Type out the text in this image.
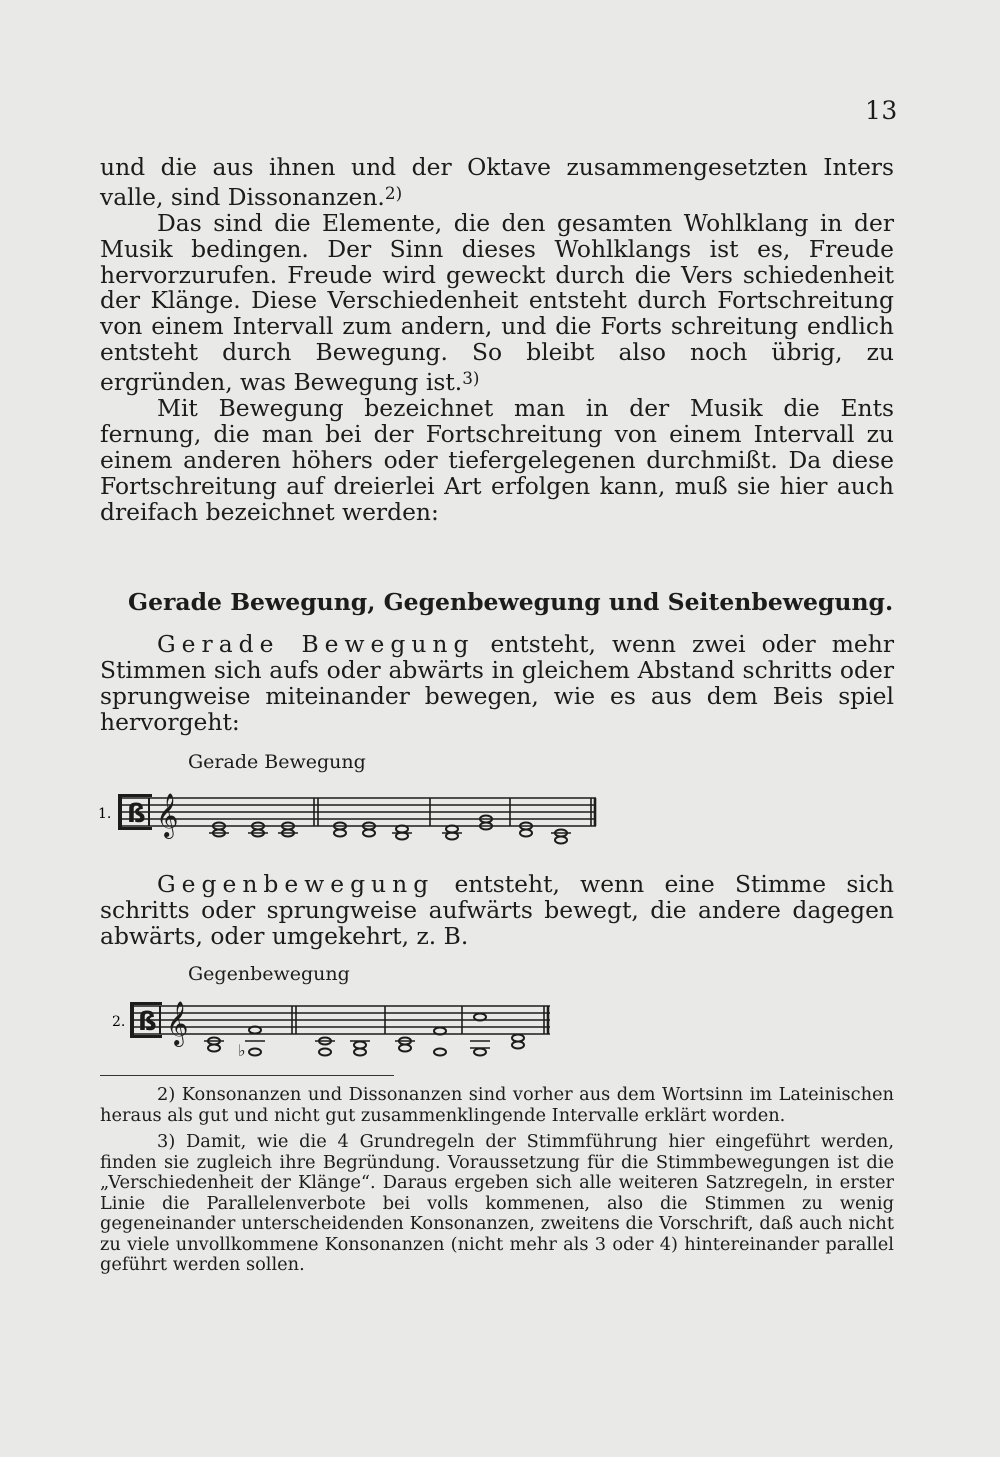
13

und die aus ihnen und der Oktave zusammengesetzten Inters valle, sind Dissonanzen.$^{2)}$

Das sind die Elemente, die den gesamten Wohlklang in der Musik bedingen. Der Sinn dieses Wohlklangs ist es, Freude hervorzurufen. Freude wird geweckt durch die Vers schiedenheit der Klänge. Diese Verschiedenheit entsteht durch Fortschreitung von einem Intervall zum andern, und die Forts schreitung endlich entsteht durch Bewegung. So bleibt also noch übrig, zu ergründen, was Bewegung ist.$^{3)}$

Mit Bewegung bezeichnet man in der Musik die Ents fernung, die man bei der Fortschreitung von einem Intervall zu einem anderen höhers oder tiefergelegenen durchmißt. Da diese Fortschreitung auf dreierlei Art erfolgen kann, muß sie hier auch dreifach bezeichnet werden:

Gerade Bewegung, Gegenbewegung und Seitenbewegung.

Gerade Bewegung entsteht, wenn zwei oder mehr Stimmen sich aufs oder abwärts in gleichem Abstand schritts oder sprungweise miteinander bewegen, wie es aus dem Beis spiel hervorgeht:

Gerade Bewegung
1. ß 𝄞

Gegenbewegung entsteht, wenn eine Stimme sich schritts oder sprungweise aufwärts bewegt, die andere dagegen abwärts, oder umgekehrt, z. B.

Gegenbewegung
2. ß 𝄞
♭

2) Konsonanzen und Dissonanzen sind vorher aus dem Wortsinn im Lateinischen heraus als gut und nicht gut zusammenklingende Intervalle erklärt worden.

3) Damit, wie die 4 Grundregeln der Stimmführung hier eingeführt werden, finden sie zugleich ihre Begründung. Voraussetzung für die Stimmbewegungen ist die „Verschiedenheit der Klänge“. Daraus ergeben sich alle weiteren Satzregeln, in erster Linie die Parallelenverbote bei volls kommenen, also die Stimmen zu wenig gegeneinander unterscheidenden Konsonanzen, zweitens die Vorschrift, daß auch nicht zu viele unvollkommene Konsonanzen (nicht mehr als 3 oder 4) hintereinander parallel geführt werden sollen.
